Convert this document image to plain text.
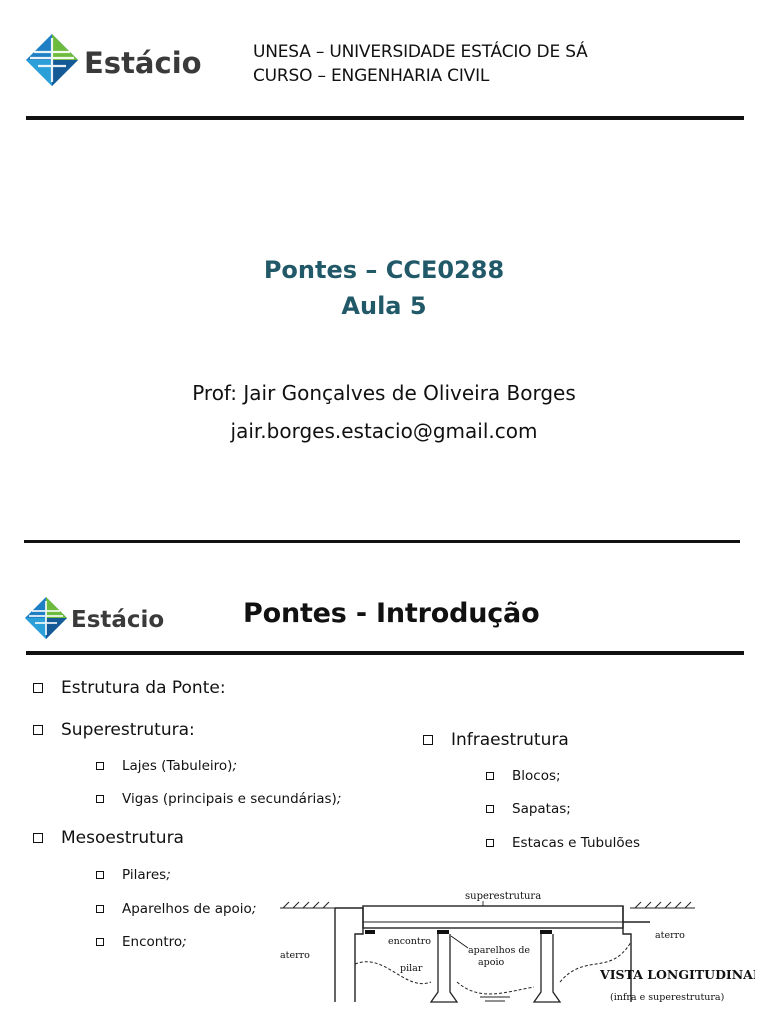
Estácio	UNESA – UNIVERSIDADE ESTÁCIO DE SÁ
CURSO – ENGENHARIA CIVIL
Pontes – CCE0288
Aula 5
Prof: Jair Gonçalves de Oliveira Borges
jair.borges.estacio@gmail.com
Estácio	Pontes - Introdução
Estrutura da Ponte:
Superestrutura:
Lajes (Tabuleiro) ;
Vigas (principais e secundárias) ;
Mesoestrutura
Pilares ;
Aparelhos de apoio ;
Encontro ;
Infraestrutura
Blocos;
Sapatas;
Estacas e Tubulões
superestrutura
aterro
aterro
encontro
aparelhos de
apoio
pilar	VISTA LONGITUDINAL
(infra e superestrutura)
